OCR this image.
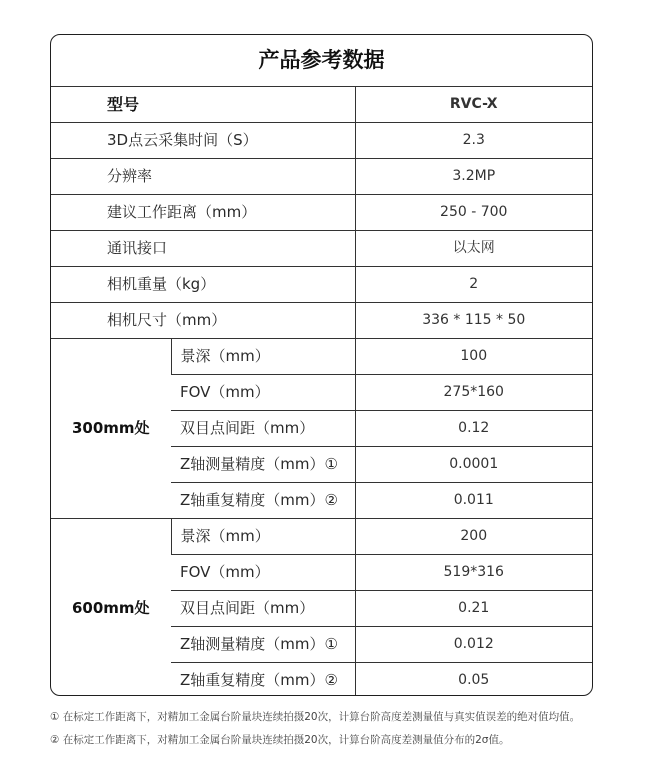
产品参考数据		
型号		RVC-X
3D点云采集时间（S）		2.3
分辨率		3.2MP
建议工作距离（mm）		250 - 700
通讯接口		以太网
相机重量（kg）		2
相机尺寸（mm）		336 * 115 * 50
300mm处	景深（mm）	100
	FOV（mm）	275*160
	双目点间距（mm）	0.12
	Z轴测量精度（mm）①	0.0001
	Z轴重复精度（mm）②	0.011
600mm处	景深（mm）	200
	FOV（mm）	519*316
	双目点间距（mm）	0.21
	Z轴测量精度（mm）①	0.012
	Z轴重复精度（mm）②	0.05
① 在标定工作距离下，对精加工金属台阶量块连续拍摄20次，计算台阶高度差测量值与真实值误差的绝对值均值。
② 在标定工作距离下，对精加工金属台阶量块连续拍摄20次，计算台阶高度差测量值分布的2σ值。
